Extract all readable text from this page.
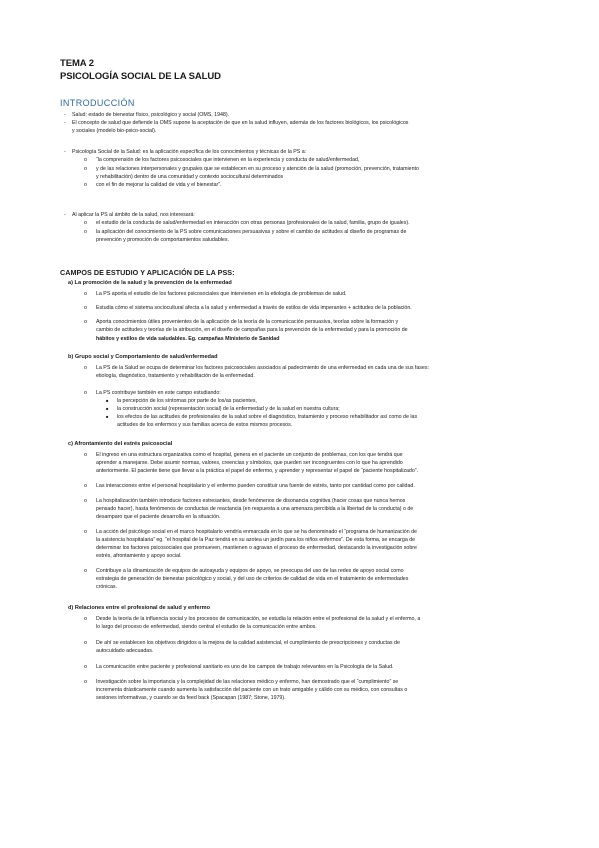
TEMA 2
PSICOLOGÍA SOCIAL DE LA SALUD
INTRODUCCIÓN
- Salud: estado de bienestar físico, psicológico y social (OMS, 1948).
- El concepto de salud que defiende la OMS supone la aceptación de que en la salud influyen, además de los factores biológicos, los psicológicos
y sociales (modelo bio-psico-social).
- Psicología Social de la Salud: es la aplicación específica de los conocimientos y técnicas de la PS a:
o “la comprensión de los factores psicosociales que intervienen en la experiencia y conducta de salud/enfermedad,
o y de las relaciones interpersonales y grupales que se establecen en su proceso y atención de la salud (promoción, prevención, tratamiento
y rehabilitación) dentro de una comunidad y contexto sociocultural determinados
o con el fin de mejorar la calidad de vida y el bienestar”.
- Al aplicar la PS al ámbito de la salud, nos interesará:
o el estudio de la conducta de salud/enfermedad en interacción con otras personas (profesionales de la salud, familia, grupo de iguales).
o la aplicación del conocimiento de la PS sobre comunicaciones persuasivas y sobre el cambio de actitudes al diseño de programas de
prevención y promoción de comportamientos saludables.
CAMPOS DE ESTUDIO Y APLICACIÓN DE LA PSS:
a) La promoción de la salud y la prevención de la enfermedad
o La PS aporta el estudio de los factores psicosociales que intervienen en la etiología de problemas de salud.
o Estudia cómo el sistema sociocultural afecta a la salud y enfermedad a través de estilos de vida imperantes + actitudes de la población.
o Aporta conocimientos útiles provenientes de la aplicación de la teoría de la comunicación persuasiva, teorías sobre la formación y
cambio de actitudes y teorías de la atribución, en el diseño de campañas para la prevención de la enfermedad y para la promoción de
hábitos y estilos de vida saludables. Eg. campañas Ministerio de Sanidad
b) Grupo social y Comportamiento de salud/enfermedad
o La PS de la Salud se ocupa de determinar los factores psicosociales asociados al padecimiento de una enfermedad en cada una de sus fases:
etiología, diagnóstico, tratamiento y rehabilitación de la enfermedad.
o La PS contribuye también en este campo estudiando:
■ la percepción de los síntomas por parte de los/as pacientes,
■ la construcción social (representación social) de la enfermedad y de la salud en nuestra cultura;
■ los efectos de las actitudes de profesionales de la salud sobre el diagnóstico, tratamiento y proceso rehabilitador así como de las
actitudes de los enfermos y sus familias acerca de estos mismos procesos.
c) Afrontamiento del estrés psicosocial
o El ingreso en una estructura organizativa como el hospital, genera en el paciente un conjunto de problemas, con los que tendrá que
aprender a manejarse. Debe asumir normas, valores, creencias y símbolos, que pueden ser incongruentes con lo que ha aprendido
anteriormente. El paciente tiene que llevar a la práctica el papel de enfermo, y aprender y representar el papel de “paciente hospitalizado”.
o Las interacciones entre el personal hospitalario y el enfermo pueden constituir una fuente de estrés, tanto por cantidad como por calidad.
o La hospitalización también introduce factores estresantes, desde fenómenos de disonancia cognitiva (hacer cosas que nunca hemos
pensado hacer), hasta fenómenos de conductas de reactancia (en respuesta a una amenaza percibida a la libertad de la conducta) o de
desamparo que el paciente desarrolla en la situación.
o La acción del psicólogo social en el marco hospitalario vendría enmarcada en lo que se ha denominado el “programa de humanización de
la asistencia hospitalaria” eg. “el hospital de la Paz tendrá en su azotea un jardín para los niños enfermos”. De esta forma, se encarga de
determinar los factores psicosociales que promueven, mantienen o agravan el proceso de enfermedad, destacando la investigación sobre
estrés, afrontamiento y apoyo social.
o Contribuye a la dinamización de equipos de autoayuda y equipos de apoyo, se preocupa del uso de las redes de apoyo social como
estrategia de generación de bienestar psicológico y social, y del uso de criterios de calidad de vida en el tratamiento de enfermedades
crónicas.
d) Relaciones entre el profesional de salud y enfermo
o Desde la teoría de la influencia social y los procesos de comunicación, se estudia la relación entre el profesional de la salud y el enfermo, a
lo largo del proceso de enfermedad, siendo central el estudio de la comunicación entre ambos.
o De ahí se establecen los objetivos dirigidos a la mejora de la calidad asistencial, el cumplimiento de prescripciones y conductas de
autocuidado adecuadas.
o La comunicación entre paciente y profesional sanitario es uno de los campos de trabajo relevantes en la Psicología de la Salud.
o Investigación sobre la importancia y la complejidad de las relaciones médico y enfermo, han demostrado que el “cumplimiento” se
incrementa drásticamente cuando aumenta la satisfacción del paciente con un trato amigable y cálido con su médico, con consultas o
sesiones informativas, y cuando se da feed back (Spacapan (1987; Stone, 1979).
